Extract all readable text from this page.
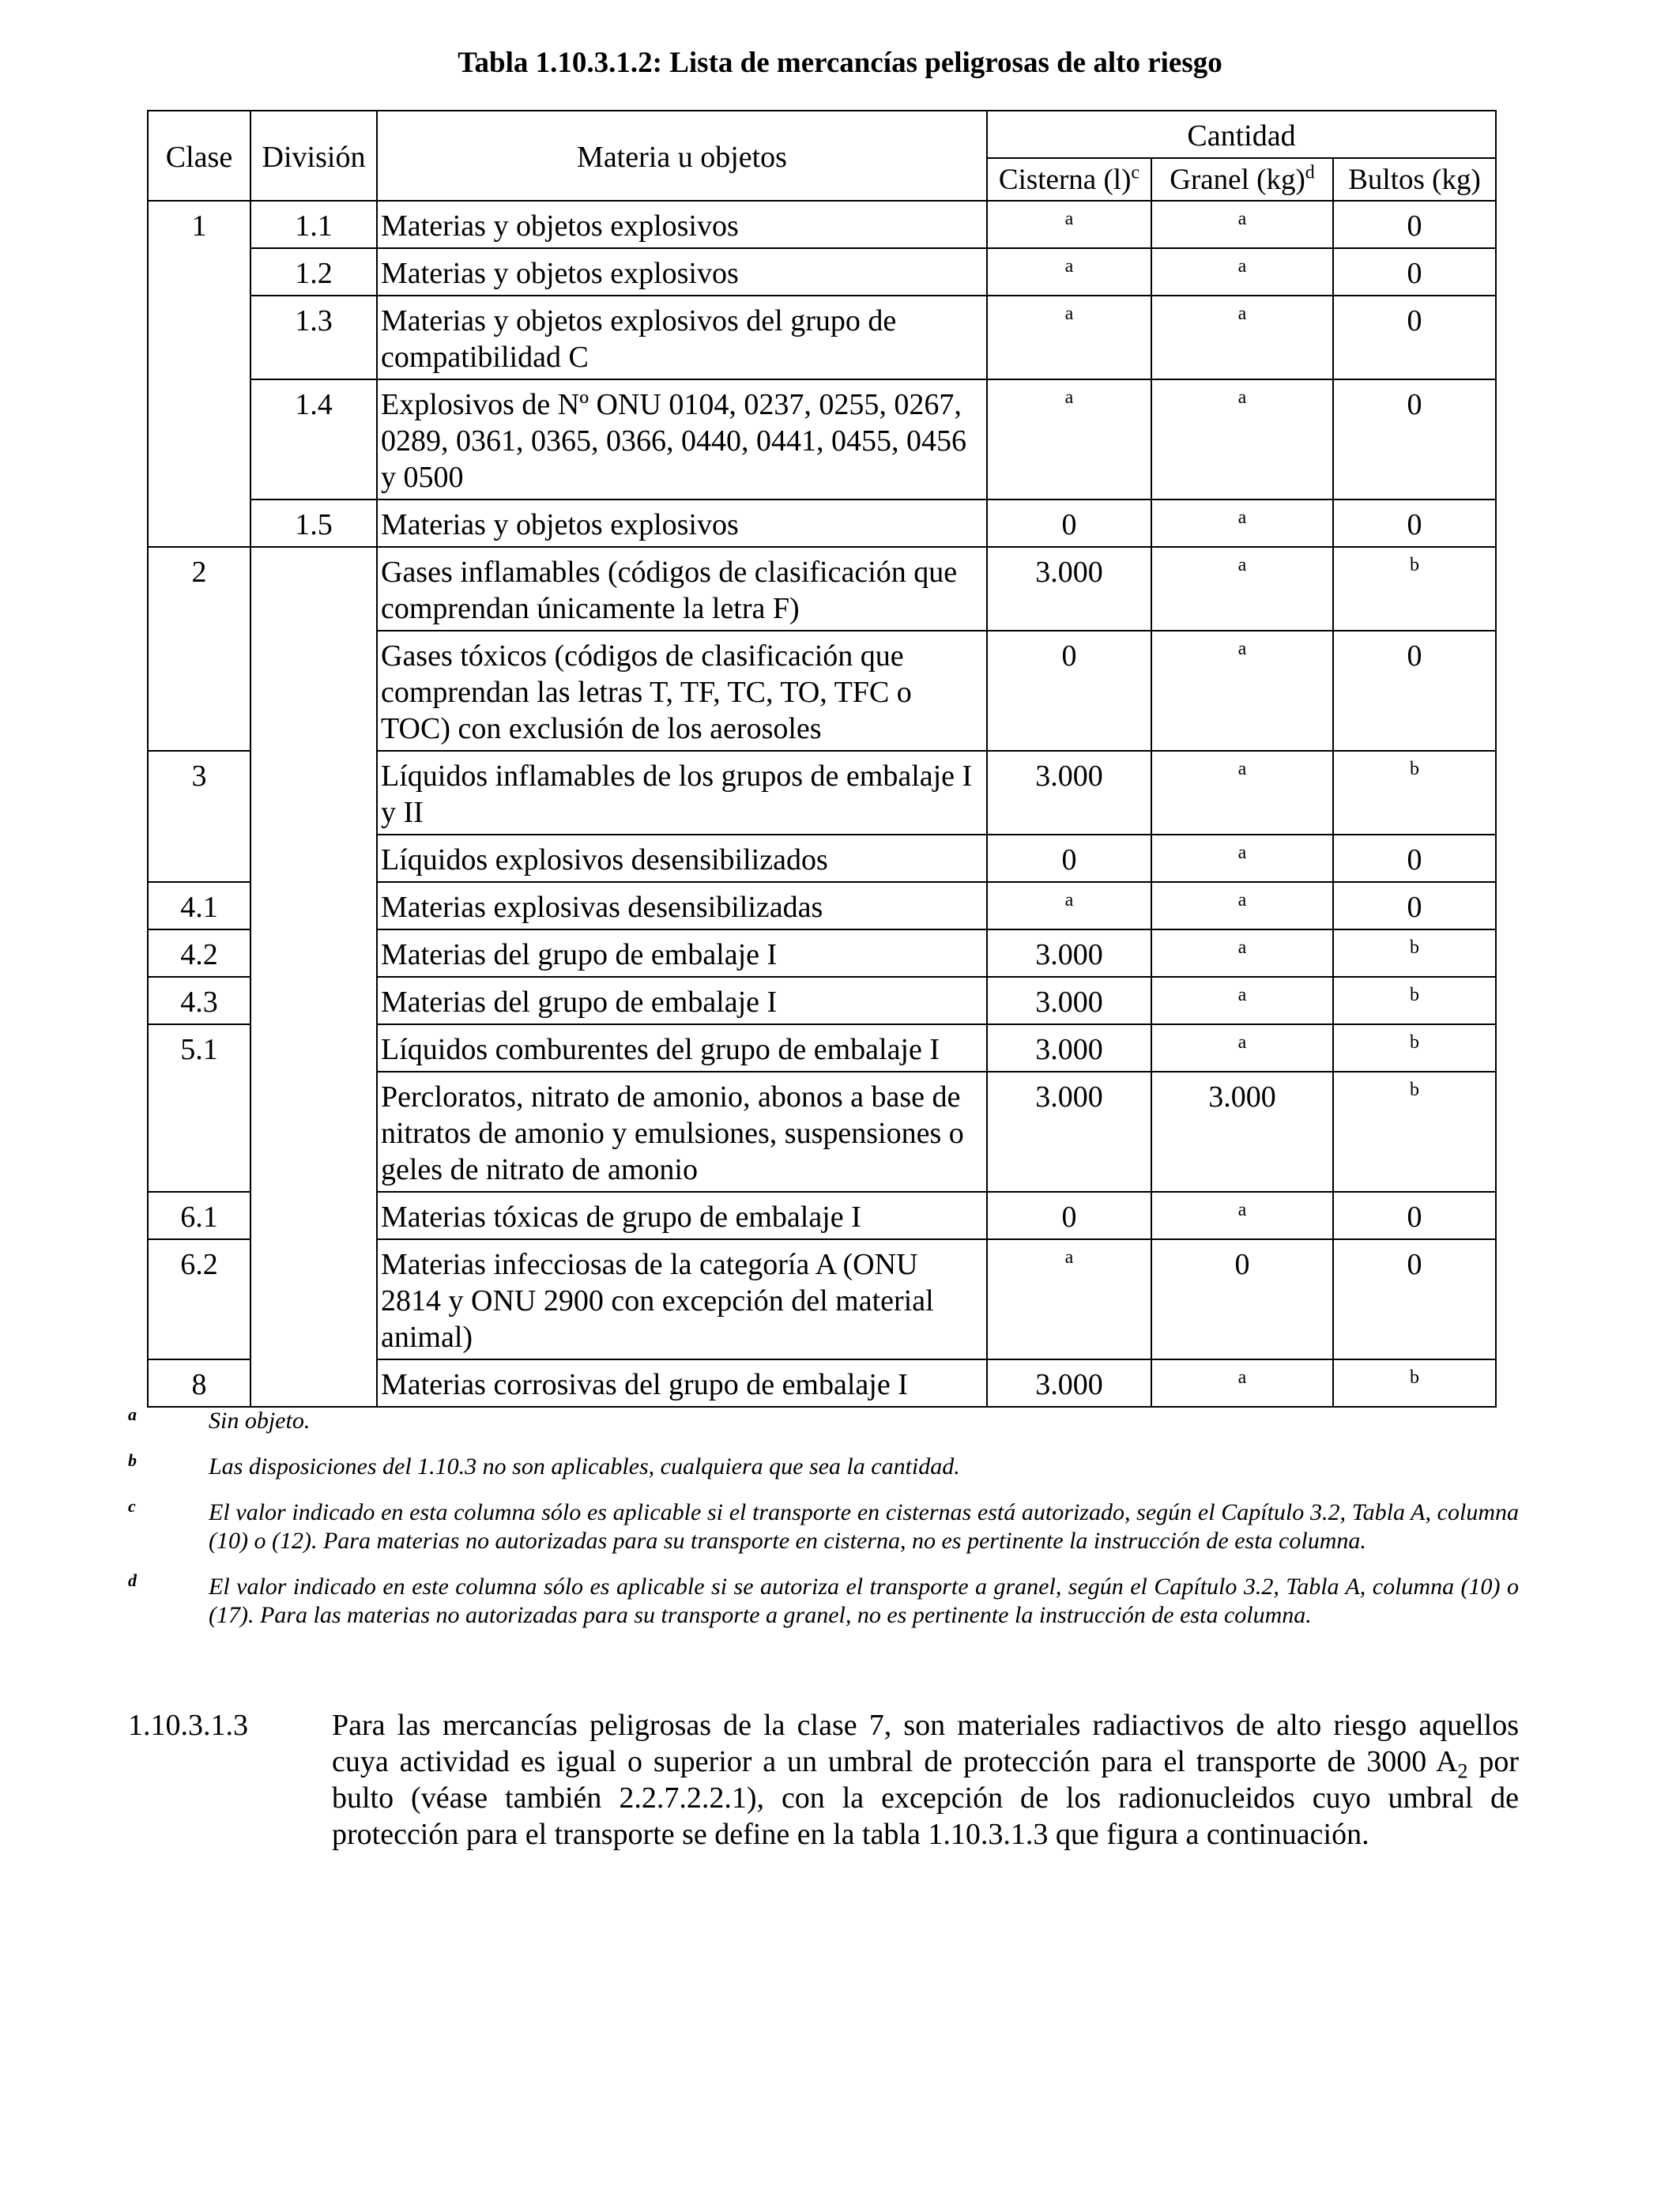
Tabla 1.10.3.1.2: Lista de mercancías peligrosas de alto riesgo
Clase	División	Materia u objetos	Cantidad		
			Cisterna $(l)^c$	Granel (kg)$^d$	Bultos (kg)
1	1.1	Materias y objetos explosivos	a	a	0
	1.2	Materias y objetos explosivos	a	a	0
	1.3	Materias y objetos explosivos del grupo de compatibilidad C	a	a	0
	1.4	Explosivos de Nº ONU 0104, 0237, 0255, 0267, 0289, 0361, 0365, 0366, 0440, 0441, 0455, 0456 y 0500	a	a	0
	1.5	Materias y objetos explosivos	0	a	0
2		Gases inflamables (códigos de clasificación que comprendan únicamente la letra F)	3.000	a	b
		Gases tóxicos (códigos de clasificación que comprendan las letras T, TF, TC, TO, TFC o TOC) con exclusión de los aerosoles	0	a	0
3		Líquidos inflamables de los grupos de embalaje I y II	3.000	a	b
		Líquidos explosivos desensibilizados	0	a	0
4.1		Materias explosivas desensibilizadas	a	a	0
4.2		Materias del grupo de embalaje I	3.000	a	b
4.3		Materias del grupo de embalaje I	3.000	a	b
5.1		Líquidos comburentes del grupo de embalaje I	3.000	a	b
		Percloratos, nitrato de amonio, abonos a base de nitratos de amonio y emulsiones, suspensiones o geles de nitrato de amonio	3.000	3.000	b
6.1		Materias tóxicas de grupo de embalaje I	0	a	0
6.2		Materias infecciosas de la categoría A (ONU 2814 y ONU 2900 con excepción del material animal)	a	0	0
8		Materias corrosivas del grupo de embalaje I	3.000	a	b
a	Sin objeto.
b	Las disposiciones del 1.10.3 no son aplicables, cualquiera que sea la cantidad.
c	El valor indicado en esta columna sólo es aplicable si el transporte en cisternas está autorizado, según el Capítulo 3.2, Tabla A, columna (10) o (12). Para materias no autorizadas para su transporte en cisterna, no es pertinente la instrucción de esta columna.
d	El valor indicado en este columna sólo es aplicable si se autoriza el transporte a granel, según el Capítulo 3.2, Tabla A, columna (10) o (17). Para las materias no autorizadas para su transporte a granel, no es pertinente la instrucción de esta columna.
1.10.3.1.3	Para las mercancías peligrosas de la clase 7, son materiales radiactivos de alto riesgo aquellos cuya actividad es igual o superior a un umbral de protección para el transporte de 3000 $A_2$ por bulto (véase también 2.2.7.2.2.1), con la excepción de los radionucleidos cuyo umbral de protección para el transporte se define en la tabla 1.10.3.1.3 que figura a continuación.
